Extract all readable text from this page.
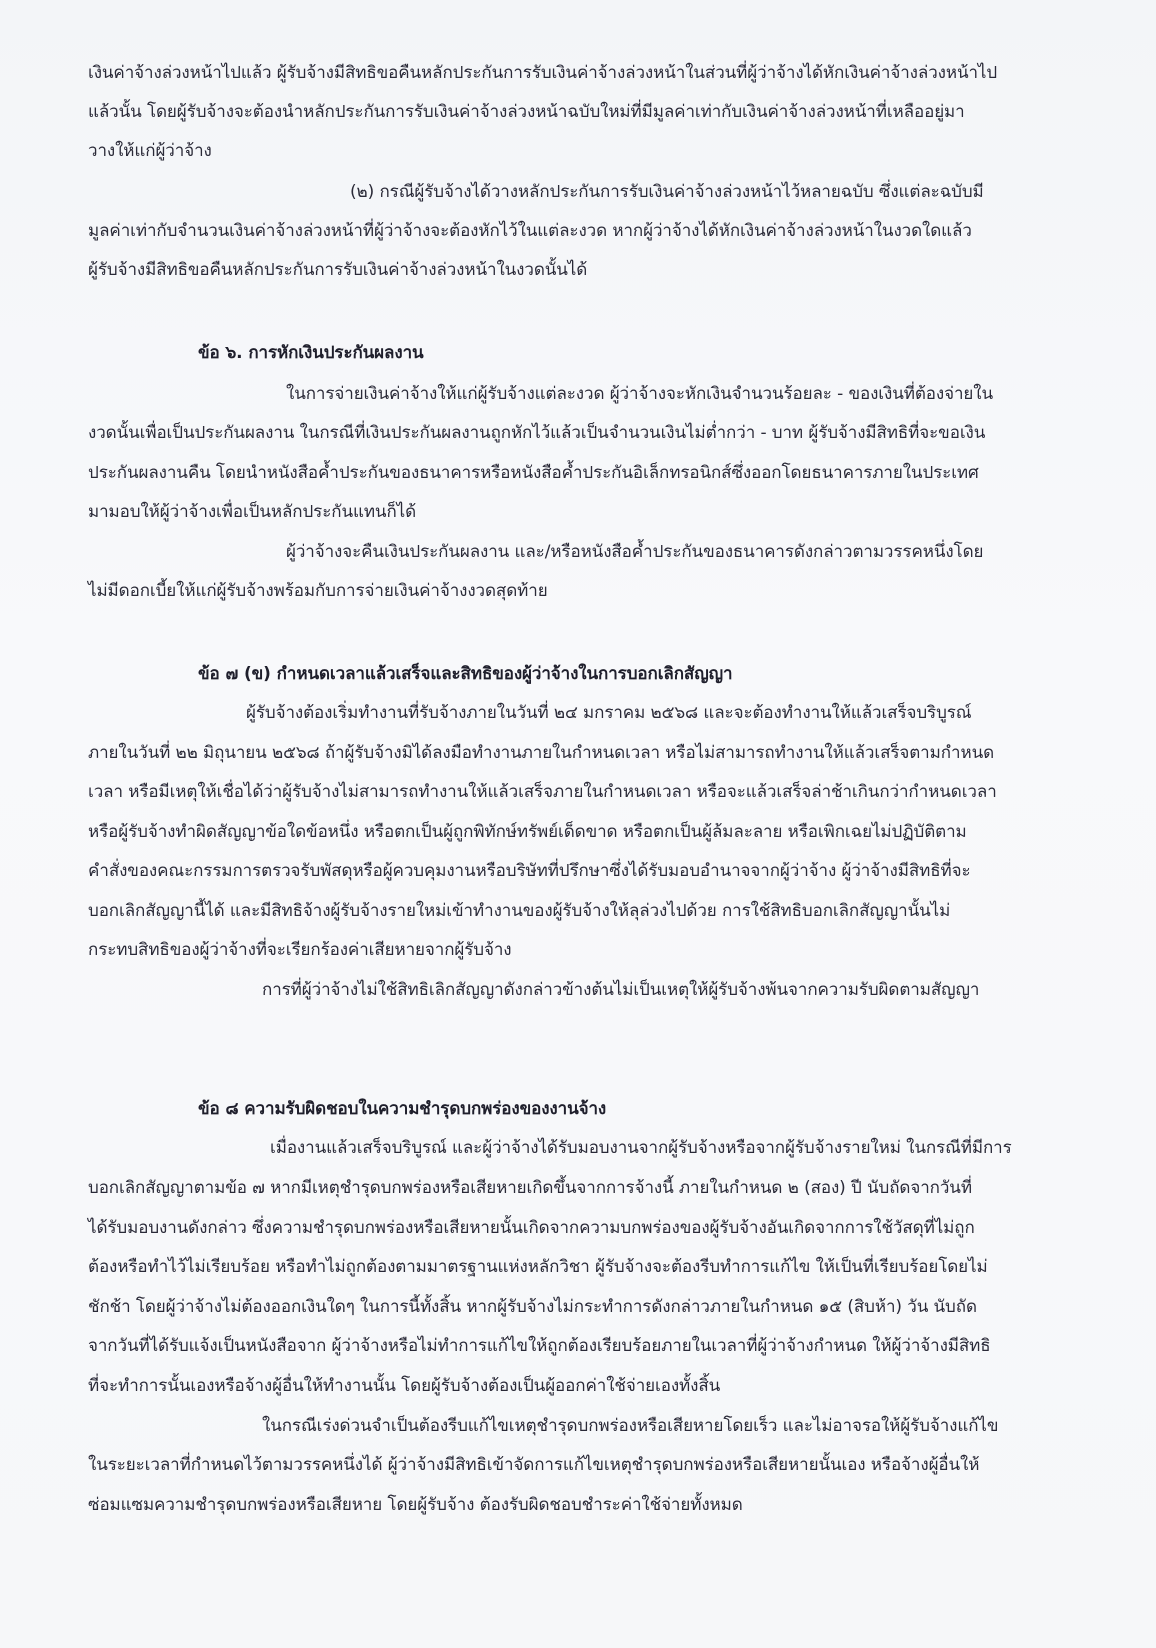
เงินค่าจ้างล่วงหน้าไปแล้ว ผู้รับจ้างมีสิทธิขอคืนหลักประกันการรับเงินค่าจ้างล่วงหน้าในส่วนที่ผู้ว่าจ้างได้หักเงินค่าจ้างล่วงหน้าไป
แล้วนั้น โดยผู้รับจ้างจะต้องนำหลักประกันการรับเงินค่าจ้างล่วงหน้าฉบับใหม่ที่มีมูลค่าเท่ากับเงินค่าจ้างล่วงหน้าที่เหลืออยู่มา
วางให้แก่ผู้ว่าจ้าง
(๒) กรณีผู้รับจ้างได้วางหลักประกันการรับเงินค่าจ้างล่วงหน้าไว้หลายฉบับ ซึ่งแต่ละฉบับมี
มูลค่าเท่ากับจำนวนเงินค่าจ้างล่วงหน้าที่ผู้ว่าจ้างจะต้องหักไว้ในแต่ละงวด หากผู้ว่าจ้างได้หักเงินค่าจ้างล่วงหน้าในงวดใดแล้ว
ผู้รับจ้างมีสิทธิขอคืนหลักประกันการรับเงินค่าจ้างล่วงหน้าในงวดนั้นได้
ข้อ ๖. การหักเงินประกันผลงาน
ในการจ่ายเงินค่าจ้างให้แก่ผู้รับจ้างแต่ละงวด ผู้ว่าจ้างจะหักเงินจำนวนร้อยละ - ของเงินที่ต้องจ่ายใน
งวดนั้นเพื่อเป็นประกันผลงาน ในกรณีที่เงินประกันผลงานถูกหักไว้แล้วเป็นจำนวนเงินไม่ต่ำกว่า - บาท ผู้รับจ้างมีสิทธิที่จะขอเงิน
ประกันผลงานคืน โดยนำหนังสือค้ำประกันของธนาคารหรือหนังสือค้ำประกันอิเล็กทรอนิกส์ซึ่งออกโดยธนาคารภายในประเทศ
มามอบให้ผู้ว่าจ้างเพื่อเป็นหลักประกันแทนก็ได้
ผู้ว่าจ้างจะคืนเงินประกันผลงาน และ/หรือหนังสือค้ำประกันของธนาคารดังกล่าวตามวรรคหนึ่งโดย
ไม่มีดอกเบี้ยให้แก่ผู้รับจ้างพร้อมกับการจ่ายเงินค่าจ้างงวดสุดท้าย
ข้อ ๗ (ข) กำหนดเวลาแล้วเสร็จและสิทธิของผู้ว่าจ้างในการบอกเลิกสัญญา
ผู้รับจ้างต้องเริ่มทำงานที่รับจ้างภายในวันที่ ๒๔ มกราคม ๒๕๖๘ และจะต้องทำงานให้แล้วเสร็จบริบูรณ์
ภายในวันที่ ๒๒ มิถุนายน ๒๕๖๘ ถ้าผู้รับจ้างมิได้ลงมือทำงานภายในกำหนดเวลา หรือไม่สามารถทำงานให้แล้วเสร็จตามกำหนด
เวลา หรือมีเหตุให้เชื่อได้ว่าผู้รับจ้างไม่สามารถทำงานให้แล้วเสร็จภายในกำหนดเวลา หรือจะแล้วเสร็จล่าช้าเกินกว่ากำหนดเวลา
หรือผู้รับจ้างทำผิดสัญญาข้อใดข้อหนึ่ง หรือตกเป็นผู้ถูกพิทักษ์ทรัพย์เด็ดขาด หรือตกเป็นผู้ล้มละลาย หรือเพิกเฉยไม่ปฏิบัติตาม
คำสั่งของคณะกรรมการตรวจรับพัสดุหรือผู้ควบคุมงานหรือบริษัทที่ปรึกษาซึ่งได้รับมอบอำนาจจากผู้ว่าจ้าง ผู้ว่าจ้างมีสิทธิที่จะ
บอกเลิกสัญญานี้ได้ และมีสิทธิจ้างผู้รับจ้างรายใหม่เข้าทำงานของผู้รับจ้างให้ลุล่วงไปด้วย การใช้สิทธิบอกเลิกสัญญานั้นไม่
กระทบสิทธิของผู้ว่าจ้างที่จะเรียกร้องค่าเสียหายจากผู้รับจ้าง
การที่ผู้ว่าจ้างไม่ใช้สิทธิเลิกสัญญาดังกล่าวข้างต้นไม่เป็นเหตุให้ผู้รับจ้างพ้นจากความรับผิดตามสัญญา
ข้อ ๘ ความรับผิดชอบในความชำรุดบกพร่องของงานจ้าง
เมื่องานแล้วเสร็จบริบูรณ์ และผู้ว่าจ้างได้รับมอบงานจากผู้รับจ้างหรือจากผู้รับจ้างรายใหม่ ในกรณีที่มีการ
บอกเลิกสัญญาตามข้อ ๗ หากมีเหตุชำรุดบกพร่องหรือเสียหายเกิดขึ้นจากการจ้างนี้ ภายในกำหนด ๒ (สอง) ปี นับถัดจากวันที่
ได้รับมอบงานดังกล่าว ซึ่งความชำรุดบกพร่องหรือเสียหายนั้นเกิดจากความบกพร่องของผู้รับจ้างอันเกิดจากการใช้วัสดุที่ไม่ถูก
ต้องหรือทำไว้ไม่เรียบร้อย หรือทำไม่ถูกต้องตามมาตรฐานแห่งหลักวิชา ผู้รับจ้างจะต้องรีบทำการแก้ไข ให้เป็นที่เรียบร้อยโดยไม่
ชักช้า โดยผู้ว่าจ้างไม่ต้องออกเงินใดๆ ในการนี้ทั้งสิ้น หากผู้รับจ้างไม่กระทำการดังกล่าวภายในกำหนด ๑๕ (สิบห้า) วัน นับถัด
จากวันที่ได้รับแจ้งเป็นหนังสือจาก ผู้ว่าจ้างหรือไม่ทำการแก้ไขให้ถูกต้องเรียบร้อยภายในเวลาที่ผู้ว่าจ้างกำหนด ให้ผู้ว่าจ้างมีสิทธิ
ที่จะทำการนั้นเองหรือจ้างผู้อื่นให้ทำงานนั้น โดยผู้รับจ้างต้องเป็นผู้ออกค่าใช้จ่ายเองทั้งสิ้น
ในกรณีเร่งด่วนจำเป็นต้องรีบแก้ไขเหตุชำรุดบกพร่องหรือเสียหายโดยเร็ว และไม่อาจรอให้ผู้รับจ้างแก้ไข
ในระยะเวลาที่กำหนดไว้ตามวรรคหนึ่งได้ ผู้ว่าจ้างมีสิทธิเข้าจัดการแก้ไขเหตุชำรุดบกพร่องหรือเสียหายนั้นเอง หรือจ้างผู้อื่นให้
ซ่อมแซมความชำรุดบกพร่องหรือเสียหาย โดยผู้รับจ้าง ต้องรับผิดชอบชำระค่าใช้จ่ายทั้งหมด
